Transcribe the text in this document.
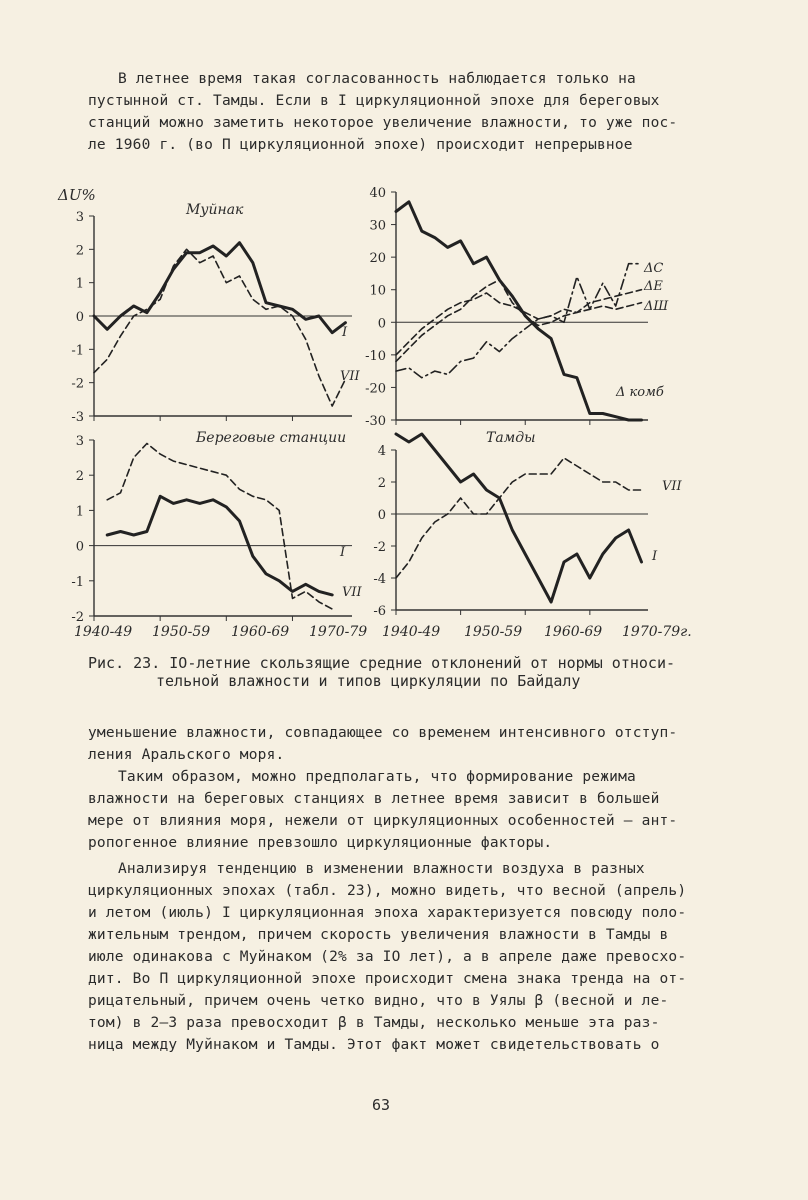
В летнее время такая согласованность наблюдается только на
пустынной ст. Тамды. Если в I циркуляционной эпохе для береговых
станций можно заметить некоторое увеличение влажности, то уже пос-
ле 1960 г. (во П циркуляционной эпохе) происходит непрерывное
3
2
1
0
-1
-2
-3
Муйнак
I
VII
40
30
20
10
0
-10
-20
-30
Δ комб
ΔC
ΔE
ΔШ
3
2
1
0
-1
-2
Береговые станции
I
VII
4
2
0
-2
-4
-6
Тамды
I
VII
ΔU%
1940-49 1950-59 1960-69 1970-79 1940-49 1950-59 1960-69 1970-79г.
Рис. 23. IO-летние скользящие средние отклонений от нормы относи-
тельной влажности и типов циркуляции по Байдалу
уменьшение влажности, совпадающее со временем интенсивного отступ-
ления Аральского моря.
Таким образом, можно предполагать, что формирование режима
влажности на береговых станциях в летнее время зависит в большей
мере от влияния моря, нежели от циркуляционных особенностей – ант-
ропогенное влияние превзошло циркуляционные факторы.
Анализируя тенденцию в изменении влажности воздуха в разных
циркуляционных эпохах (табл. 23), можно видеть, что весной (апрель)
и летом (июль) I циркуляционная эпоха характеризуется повсюду поло-
жительным трендом, причем скорость увеличения влажности в Тамды в
июле одинакова с Муйнаком (2% за IO лет), а в апреле даже превосхо-
дит. Во П циркуляционной эпохе происходит смена знака тренда на от-
рицательный, причем очень четко видно, что в Уялы β (весной и ле-
том) в 2–3 раза превосходит β в Тамды, несколько меньше эта раз-
ница между Муйнаком и Тамды. Этот факт может свидетельствовать о
63
